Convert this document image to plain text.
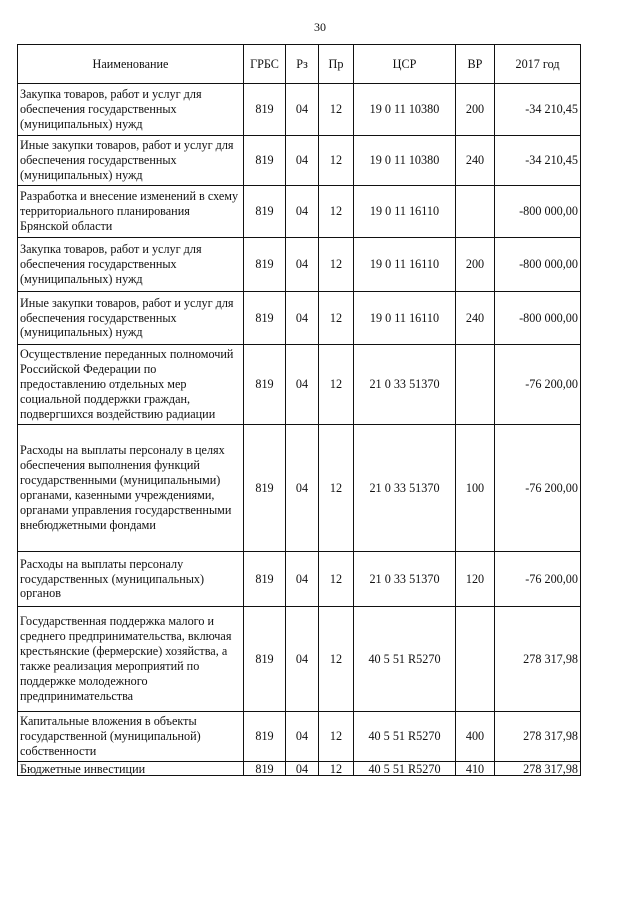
30
Наименование	ГРБС	Рз	Пр	ЦСР	ВР	2017 год
Закупка товаров, работ и услуг для обеспечения государственных (муниципальных) нужд	819	04	12	19 0 11 10380	200	-34 210,45
Иные закупки товаров, работ и услуг для обеспечения государственных (муниципальных) нужд	819	04	12	19 0 11 10380	240	-34 210,45
Разработка и внесение изменений в схему территориального планирования Брянской области	819	04	12	19 0 11 16110		-800 000,00
Закупка товаров, работ и услуг для обеспечения государственных (муниципальных) нужд	819	04	12	19 0 11 16110	200	-800 000,00
Иные закупки товаров, работ и услуг для обеспечения государственных (муниципальных) нужд	819	04	12	19 0 11 16110	240	-800 000,00
Осуществление переданных полномочий Российской Федерации по предоставлению отдельных мер социальной поддержки граждан, подвергшихся воздействию радиации	819	04	12	21 0 33 51370		-76 200,00
Расходы на выплаты персоналу в целях обеспечения выполнения функций государственными (муниципальными) органами, казенными учреждениями, органами управления государственными внебюджетными фондами	819	04	12	21 0 33 51370	100	-76 200,00
Расходы на выплаты персоналу государственных (муниципальных) органов	819	04	12	21 0 33 51370	120	-76 200,00
Государственная поддержка малого и среднего предпринимательства, включая крестьянские (фермерские) хозяйства, а также реализация мероприятий по поддержке молодежного предпринимательства	819	04	12	40 5 51 R5270		278 317,98
Капитальные вложения в объекты государственной (муниципальной) собственности	819	04	12	40 5 51 R5270	400	278 317,98
Бюджетные инвестиции	819	04	12	40 5 51 R5270	410	278 317,98
